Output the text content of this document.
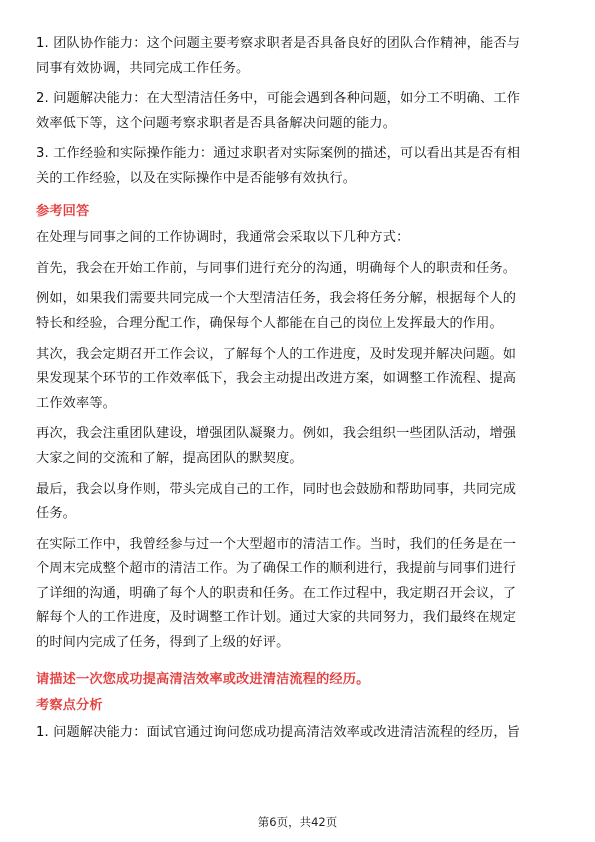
1. 团队协作能力：这个问题主要考察求职者是否具备良好的团队合作精神，能否与

同事有效协调，共同完成工作任务。

2. 问题解决能力：在大型清洁任务中，可能会遇到各种问题，如分工不明确、工作

效率低下等，这个问题考察求职者是否具备解决问题的能力。

3. 工作经验和实际操作能力：通过求职者对实际案例的描述，可以看出其是否有相

关的工作经验，以及在实际操作中是否能够有效执行。

参考回答

在处理与同事之间的工作协调时，我通常会采取以下几种方式：

首先，我会在开始工作前，与同事们进行充分的沟通，明确每个人的职责和任务。

例如，如果我们需要共同完成一个大型清洁任务，我会将任务分解，根据每个人的

特长和经验，合理分配工作，确保每个人都能在自己的岗位上发挥最大的作用。

其次，我会定期召开工作会议，了解每个人的工作进度，及时发现并解决问题。如

果发现某个环节的工作效率低下，我会主动提出改进方案，如调整工作流程、提高

工作效率等。

再次，我会注重团队建设，增强团队凝聚力。例如，我会组织一些团队活动，增强

大家之间的交流和了解，提高团队的默契度。

最后，我会以身作则，带头完成自己的工作，同时也会鼓励和帮助同事，共同完成

任务。

在实际工作中，我曾经参与过一个大型超市的清洁工作。当时，我们的任务是在一

个周末完成整个超市的清洁工作。为了确保工作的顺利进行，我提前与同事们进行

了详细的沟通，明确了每个人的职责和任务。在工作过程中，我定期召开会议，了

解每个人的工作进度，及时调整工作计划。通过大家的共同努力，我们最终在规定

的时间内完成了任务，得到了上级的好评。

请描述一次您成功提高清洁效率或改进清洁流程的经历。

考察点分析

1. 问题解决能力：面试官通过询问您成功提高清洁效率或改进清洁流程的经历，旨

第6页，共42页
